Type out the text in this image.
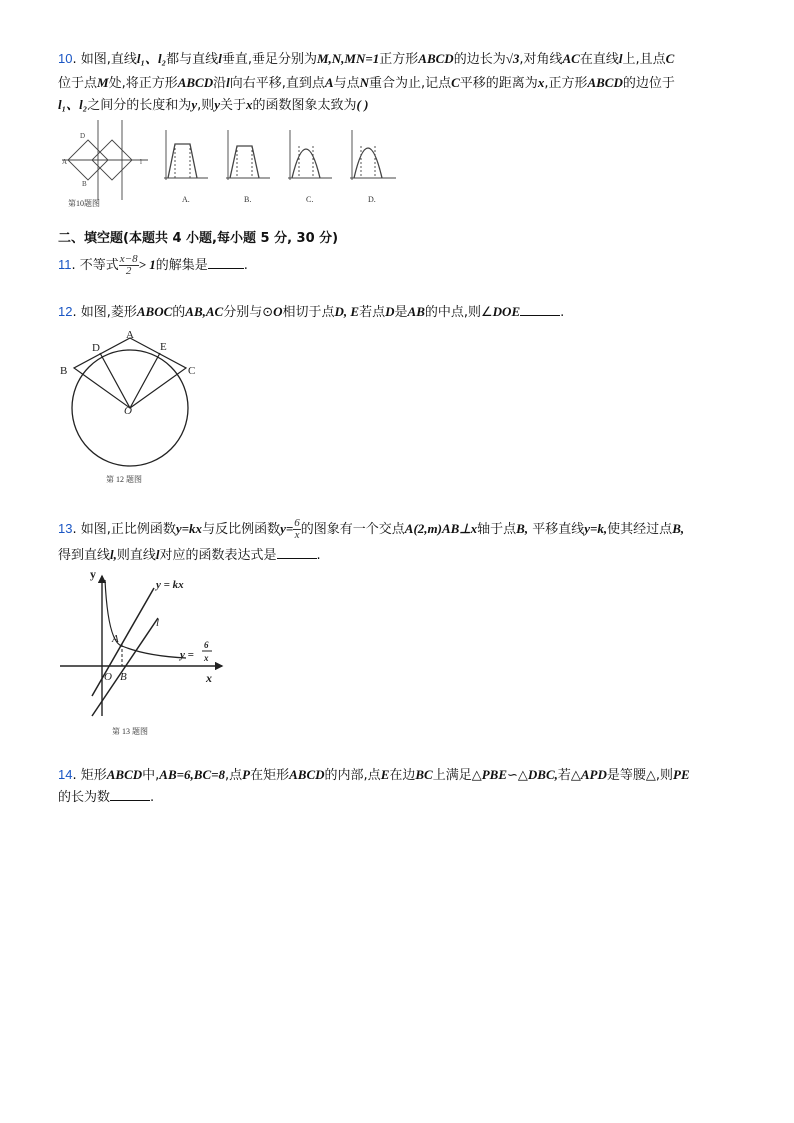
10. 如图,直线l₁、l₂都与直线l垂直,垂足分别为M,N,MN=1正方形ABCD的边长为√3,对角线AC在直线l上,且点C
位于点M处,将正方形ABCD沿l向右平移,直到点A与点N重合为止,记点C平移的距离为x,正方形ABCD的边位于
l₁、l₂之间分的长度和为y,则y关于x的函数图象太致为( )
D
A
B
l
第10题图	A.	B.	C.	D.
二、填空题(本题共 4 小题,每小题 5 分, 30 分)
11. 不等式 $\frac{x-8}{2} > 1$的解集是	.
12. 如图,菱形ABOC的AB,AC分别与⊙O相切于点D, E若点D是AB的中点,则∠DOE	.
A
D	E
B	C
O
第 12 题图
13. 如图,正比例函数y=kx与反比例函数$y= \frac{6}{x}$ 的图象有一个交点A(2,m)AB⊥x轴于点B, 平移直线y=k,使其经过点B,
得到直线l,则直线l对应的函数表达式是	.
y
x
O
A
B
l
y = kx
y =
6
x
第 13 题图
14. 矩形ABCD中,AB=6,BC=8,点P在矩形ABCD的内部,点E在边BC上满足△PBE∽△DBC,若△APD是等腰△,则PE
的长为数	.
